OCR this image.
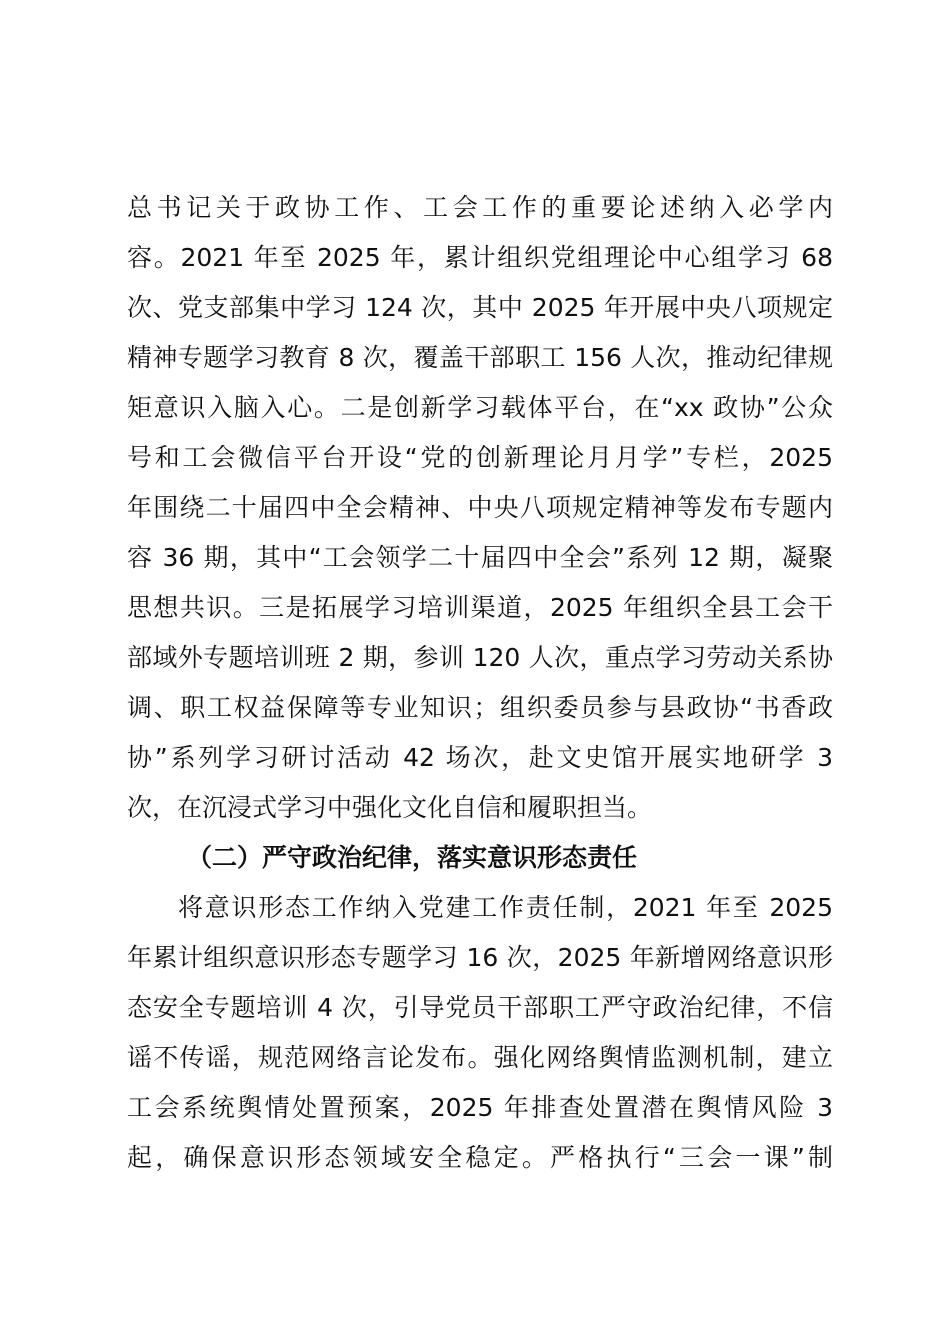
总书记关于政协工作、工会工作的重要论述纳入必学内
容。2021 年至 2025 年，累计组织党组理论中心组学习 68
次、党支部集中学习 124 次，其中 2025 年开展中央八项规定
精神专题学习教育 8 次，覆盖干部职工 156 人次，推动纪律规
矩意识入脑入心。二是创新学习载体平台，在“xx 政协”公众
号和工会微信平台开设“党的创新理论月月学”专栏，2025
年围绕二十届四中全会精神、中央八项规定精神等发布专题内
容 36 期，其中“工会领学二十届四中全会”系列 12 期，凝聚
思想共识。三是拓展学习培训渠道，2025 年组织全县工会干
部域外专题培训班 2 期，参训 120 人次，重点学习劳动关系协
调、职工权益保障等专业知识；组织委员参与县政协“书香政
协”系列学习研讨活动 42 场次，赴文史馆开展实地研学 3
次，在沉浸式学习中强化文化自信和履职担当。
（二）严守政治纪律，落实意识形态责任
将意识形态工作纳入党建工作责任制，2021 年至 2025
年累计组织意识形态专题学习 16 次，2025 年新增网络意识形
态安全专题培训 4 次，引导党员干部职工严守政治纪律，不信
谣不传谣，规范网络言论发布。强化网络舆情监测机制，建立
工会系统舆情处置预案，2025 年排查处置潜在舆情风险 3
起，确保意识形态领域安全稳定。严格执行“三会一课”制
